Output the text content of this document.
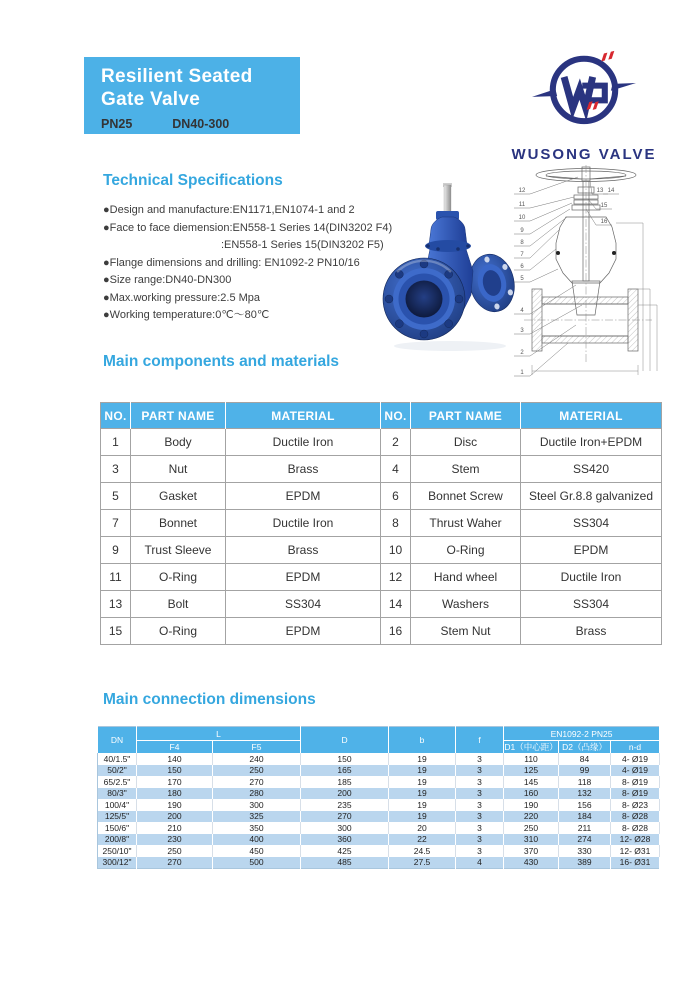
Resilient Seated
Gate Valve
PN25	DN40-300
WUSONG VALVE
Technical Specifications
Main components and materials
Main connection dimensions
●Design and manufacture:EN1171,EN1074-1 and 2
●Face to face diemension:EN558-1 Series 14(DIN3202 F4)
:EN558-1 Series 15(DIN3202 F5)
●Flange dimensions and drilling: EN1092-2 PN10/16
●Size range:DN40-DN300
●Max.working pressure:2.5 Mpa
●Working temperature:0℃～80℃
12
11
10
9
8
7
6
5
4
3
2
1
13 14
15
16
NO.	PART NAME	MATERIAL	NO.	PART NAME	MATERIAL
1	Body	Ductile Iron	2	Disc	Ductile Iron+EPDM
3	Nut	Brass	4	Stem	SS420
5	Gasket	EPDM	6	Bonnet Screw	Steel Gr.8.8 galvanized
7	Bonnet	Ductile Iron	8	Thrust Waher	SS304
9	Trust Sleeve	Brass	10	O-Ring	EPDM
11	O-Ring	EPDM	12	Hand wheel	Ductile Iron
13	Bolt	SS304	14	Washers	SS304
15	O-Ring	EPDM	16	Stem Nut	Brass
DN	L		D	b	f	EN1092-2 PN25		
	F4	F5				D1（中心距）	D2（凸缘）	n-d
40/1.5"	140	240	150	19	3	110	84	4- Ø19
50/2"	150	250	165	19	3	125	99	4- Ø19
65/2.5"	170	270	185	19	3	145	118	8- Ø19
80/3"	180	280	200	19	3	160	132	8- Ø19
100/4"	190	300	235	19	3	190	156	8- Ø23
125/5"	200	325	270	19	3	220	184	8- Ø28
150/6"	210	350	300	20	3	250	211	8- Ø28
200/8"	230	400	360	22	3	310	274	12- Ø28
250/10"	250	450	425	24.5	3	370	330	12- Ø31
300/12"	270	500	485	27.5	4	430	389	16- Ø31
